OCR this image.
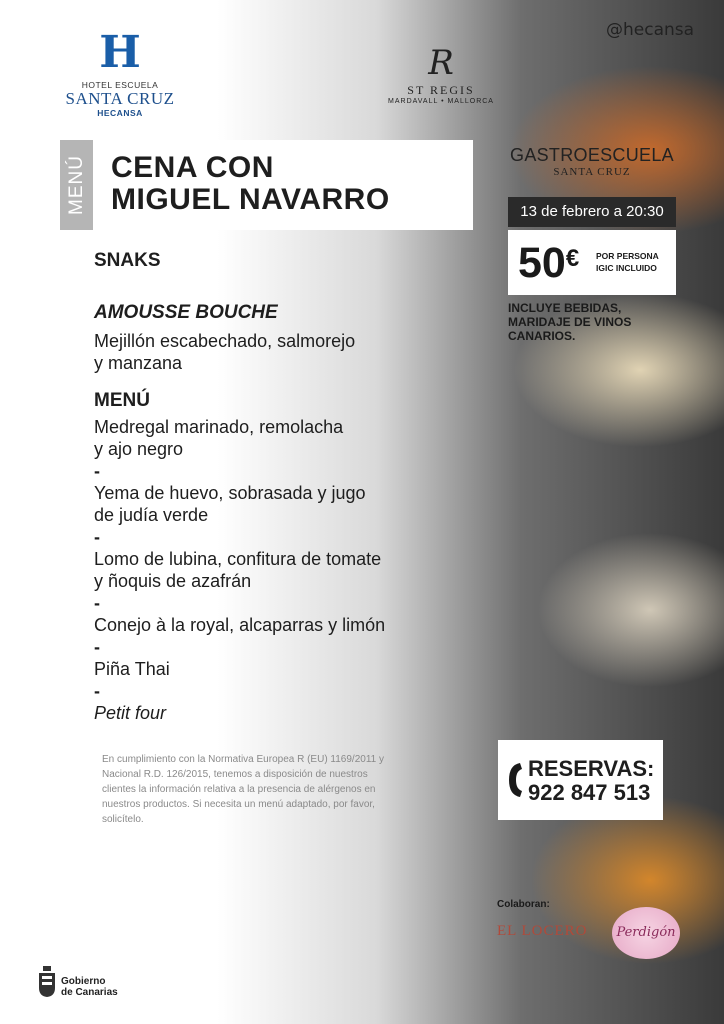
H
HOTEL ESCUELA
SANTA CRUZ
HECANSA
R
ST REGIS
MARDAVALL • MALLORCA
@hecansa
MENÚ CENA CON
MIGUEL NAVARRO
GASTROESCUELA
SANTA CRUZ
13 de febrero a 20:30
50€ POR PERSONA
IGIC INCLUIDO
INCLUYE BEBIDAS,
MARIDAJE DE VINOS
CANARIOS.
SNAKS
AMOUSSE BOUCHE
Mejillón escabechado, salmorejo
y manzana
MENÚ
Medregal marinado, remolacha
y ajo negro
-
Yema de huevo, sobrasada y jugo
de judía verde
-
Lomo de lubina, confitura de tomate
y ñoquis de azafrán
-
Conejo à la royal, alcaparras y limón
-
Piña Thai
-
Petit four
En cumplimiento con la Normativa Europea R (EU) 1169/2011 y
Nacional R.D. 126/2015, tenemos a disposición de nuestros
clientes la información relativa a la presencia de alérgenos en
nuestros productos. Si necesita un menú adaptado, por favor,
solicítelo.
RESERVAS:
922 847 513
Colaboran:
EL LOCERO	Perdigón
Gobierno
de Canarias
